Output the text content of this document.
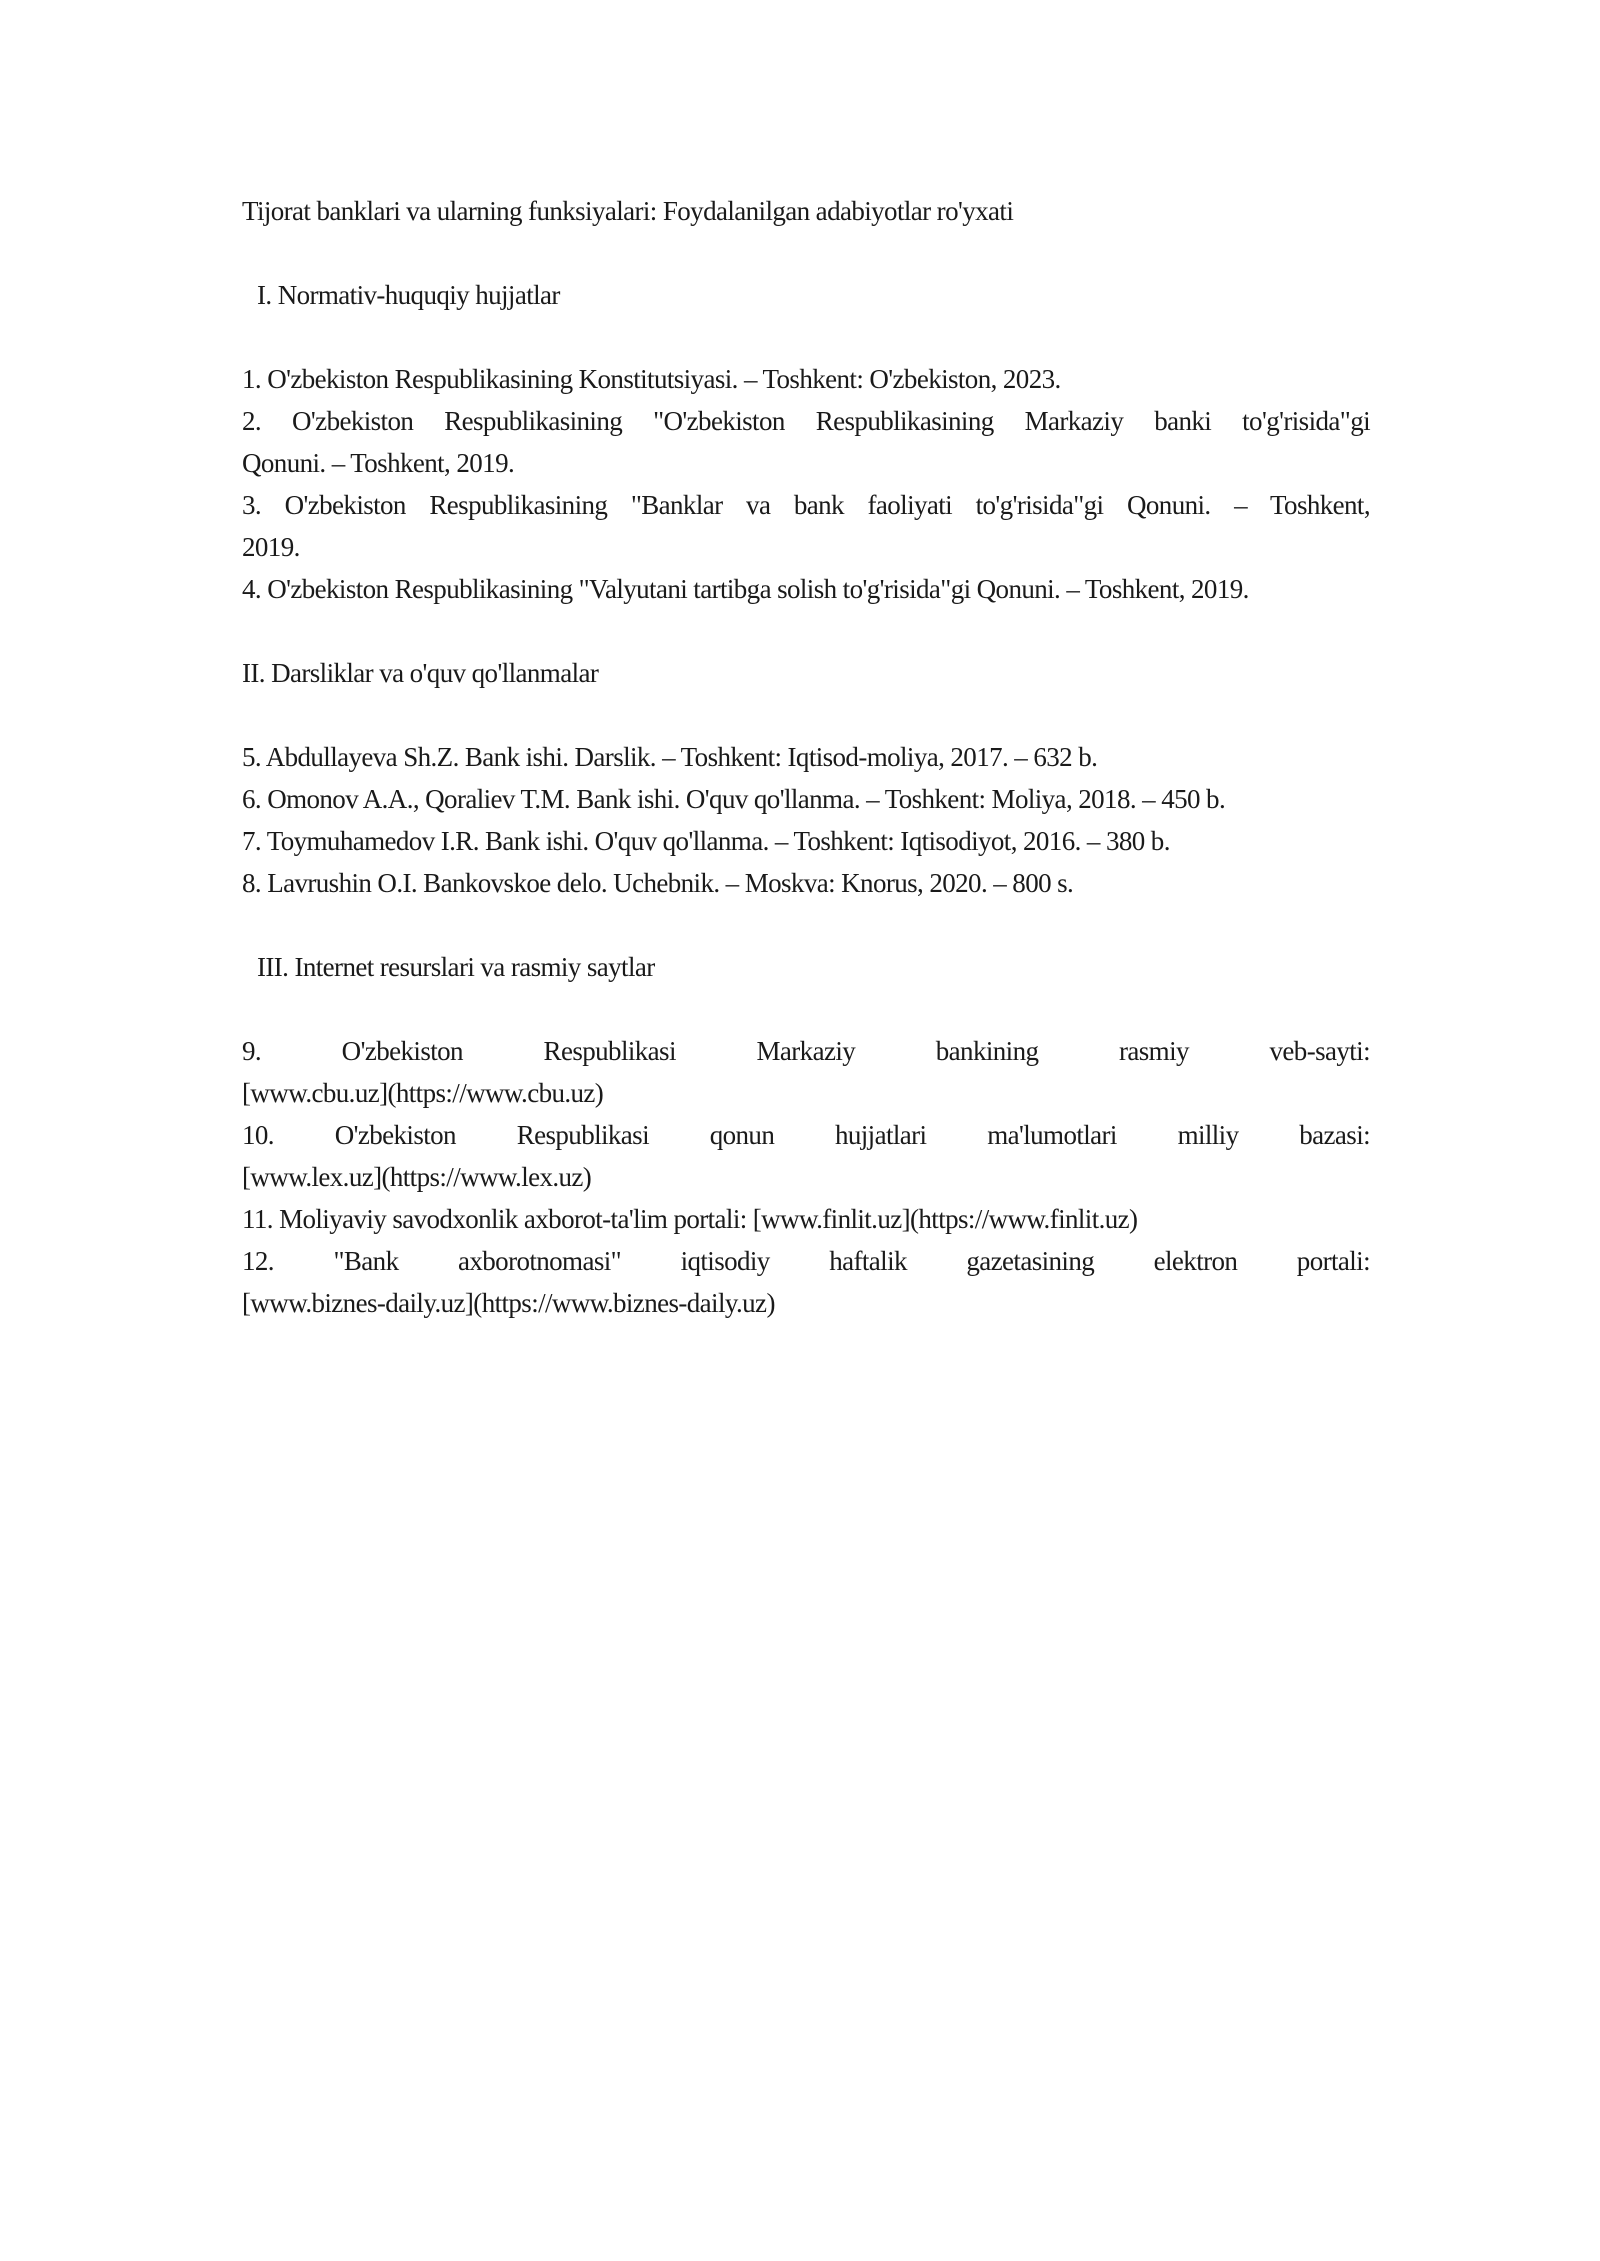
Tijorat banklari va ularning funksiyalari: Foydalanilgan adabiyotlar ro'yxati
I. Normativ-huquqiy hujjatlar
1. O'zbekiston Respublikasining Konstitutsiyasi. – Toshkent: O'zbekiston, 2023.
2. O'zbekiston Respublikasining "O'zbekiston Respublikasining Markaziy banki to'g'risida"gi
Qonuni. – Toshkent, 2019.
3. O'zbekiston Respublikasining "Banklar va bank faoliyati to'g'risida"gi Qonuni. – Toshkent,
2019.
4. O'zbekiston Respublikasining "Valyutani tartibga solish to'g'risida"gi Qonuni. – Toshkent, 2019.
II. Darsliklar va o'quv qo'llanmalar
5. Abdullayeva Sh.Z. Bank ishi. Darslik. – Toshkent: Iqtisod-moliya, 2017. – 632 b.
6. Omonov A.A., Qoraliev T.M. Bank ishi. O'quv qo'llanma. – Toshkent: Moliya, 2018. – 450 b.
7. Toymuhamedov I.R. Bank ishi. O'quv qo'llanma. – Toshkent: Iqtisodiyot, 2016. – 380 b.
8. Lavrushin O.I. Bankovskoe delo. Uchebnik. – Moskva: Knorus, 2020. – 800 s.
III. Internet resurslari va rasmiy saytlar
9. O'zbekiston Respublikasi Markaziy bankining rasmiy veb-sayti:
[www.cbu.uz](https://www.cbu.uz)
10. O'zbekiston Respublikasi qonun hujjatlari ma'lumotlari milliy bazasi:
[www.lex.uz](https://www.lex.uz)
11. Moliyaviy savodxonlik axborot-ta'lim portali: [www.finlit.uz](https://www.finlit.uz)
12. "Bank axborotnomasi" iqtisodiy haftalik gazetasining elektron portali:
[www.biznes-daily.uz](https://www.biznes-daily.uz)
